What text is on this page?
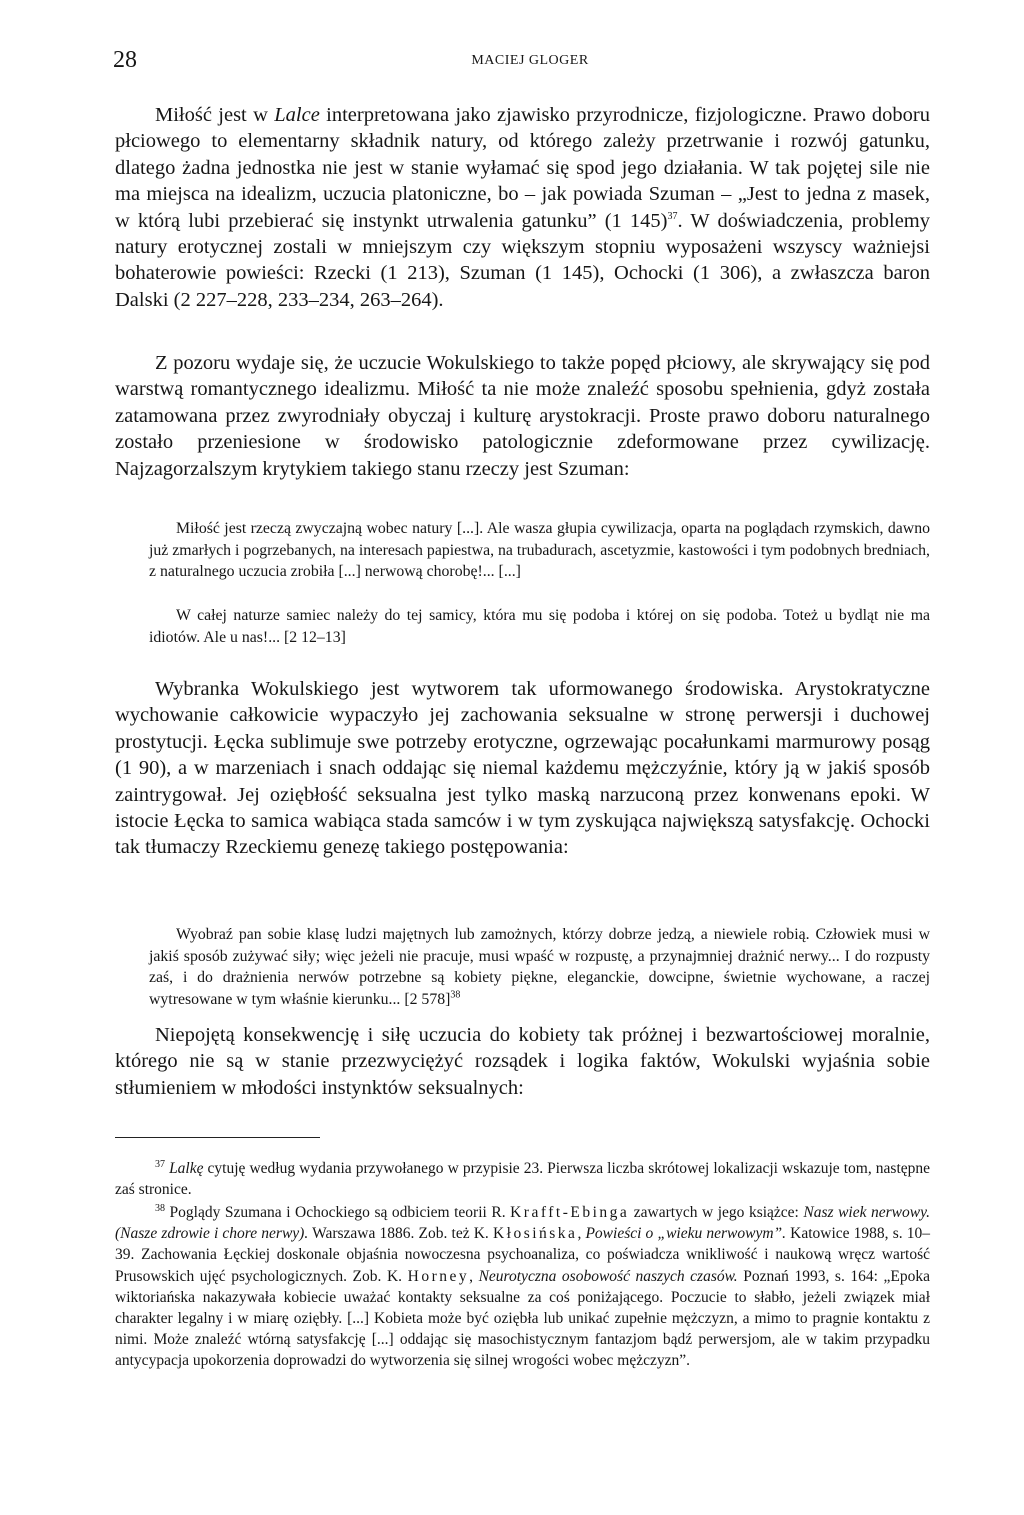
28	MACIEJ GLOGER

Miłość jest w Lalce interpretowana jako zjawisko przyrodnicze, fizjologiczne. Prawo doboru płciowego to elementarny składnik natury, od którego zależy przetrwanie i rozwój gatunku, dlatego żadna jednostka nie jest w stanie wyłamać się spod jego działania. W tak pojętej sile nie ma miejsca na idealizm, uczucia platoniczne, bo – jak powiada Szuman – „Jest to jedna z masek, w którą lubi przebierać się instynkt utrwalenia gatunku” (1 145)$^{37}$. W doświadczenia, problemy natury erotycznej zostali w mniejszym czy większym stopniu wyposażeni wszyscy ważniejsi bohaterowie powieści: Rzecki (1 213), Szuman (1 145), Ochocki (1 306), a zwłaszcza baron Dalski (2 227–228, 233–234, 263–264).

Z pozoru wydaje się, że uczucie Wokulskiego to także popęd płciowy, ale skrywający się pod warstwą romantycznego idealizmu. Miłość ta nie może znaleźć sposobu spełnienia, gdyż została zatamowana przez zwyrodniały obyczaj i kulturę arystokracji. Proste prawo doboru naturalnego zostało przeniesione w środowisko patologicznie zdeformowane przez cywilizację. Najzagorzalszym krytykiem takiego stanu rzeczy jest Szuman:

Miłość jest rzeczą zwyczajną wobec natury [...]. Ale wasza głupia cywilizacja, oparta na poglądach rzymskich, dawno już zmarłych i pogrzebanych, na interesach papiestwa, na trubadurach, ascetyzmie, kastowości i tym podobnych bredniach, z naturalnego uczucia zrobiła [...] nerwową chorobę!... [...]

W całej naturze samiec należy do tej samicy, która mu się podoba i której on się podoba. Toteż u bydląt nie ma idiotów. Ale u nas!... [2 12–13]

Wybranka Wokulskiego jest wytworem tak uformowanego środowiska. Arystokratyczne wychowanie całkowicie wypaczyło jej zachowania seksualne w stronę perwersji i duchowej prostytucji. Łęcka sublimuje swe potrzeby erotyczne, ogrzewając pocałunkami marmurowy posąg (1 90), a w marzeniach i snach oddając się niemal każdemu mężczyźnie, który ją w jakiś sposób zaintrygował. Jej oziębłość seksualna jest tylko maską narzuconą przez konwenans epoki. W istocie Łęcka to samica wabiąca stada samców i w tym zyskująca największą satysfakcję. Ochocki tak tłumaczy Rzeckiemu genezę takiego postępowania:

Wyobraź pan sobie klasę ludzi majętnych lub zamożnych, którzy dobrze jedzą, a niewiele robią. Człowiek musi w jakiś sposób zużywać siły; więc jeżeli nie pracuje, musi wpaść w rozpustę, a przynajmniej drażnić nerwy... I do rozpusty zaś, i do drażnienia nerwów potrzebne są kobiety piękne, eleganckie, dowcipne, świetnie wychowane, a raczej wytresowane w tym właśnie kierunku... [2 578]$^{38}$

Niepojętą konsekwencję i siłę uczucia do kobiety tak próżnej i bezwartościowej moralnie, którego nie są w stanie przezwyciężyć rozsądek i logika faktów, Wokulski wyjaśnia sobie stłumieniem w młodości instynktów seksualnych:

$^{37}$ Lalkę cytuję według wydania przywołanego w przypisie 23. Pierwsza liczba skrótowej lokalizacji wskazuje tom, następne zaś stronice.

$^{38}$ Poglądy Szumana i Ochockiego są odbiciem teorii R. Krafft-Ebinga zawartych w jego książce: Nasz wiek nerwowy. (Nasze zdrowie i chore nerwy). Warszawa 1886. Zob. też K. Kłosińska, Powieści o „wieku nerwowym”. Katowice 1988, s. 10–39. Zachowania Łęckiej doskonale objaśnia nowoczesna psychoanaliza, co poświadcza wnikliwość i naukową wręcz wartość Prusowskich ujęć psychologicznych. Zob. K. Horney, Neurotyczna osobowość naszych czasów. Poznań 1993, s. 164: „Epoka wiktoriańska nakazywała kobiecie uważać kontakty seksualne za coś poniżającego. Poczucie to słabło, jeżeli związek miał charakter legalny i w miarę oziębły. [...] Kobieta może być oziębła lub unikać zupełnie mężczyzn, a mimo to pragnie kontaktu z nimi. Może znaleźć wtórną satysfakcję [...] oddając się masochistycznym fantazjom bądź perwersjom, ale w takim przypadku antycypacja upokorzenia doprowadzi do wytworzenia się silnej wrogości wobec mężczyzn”.
